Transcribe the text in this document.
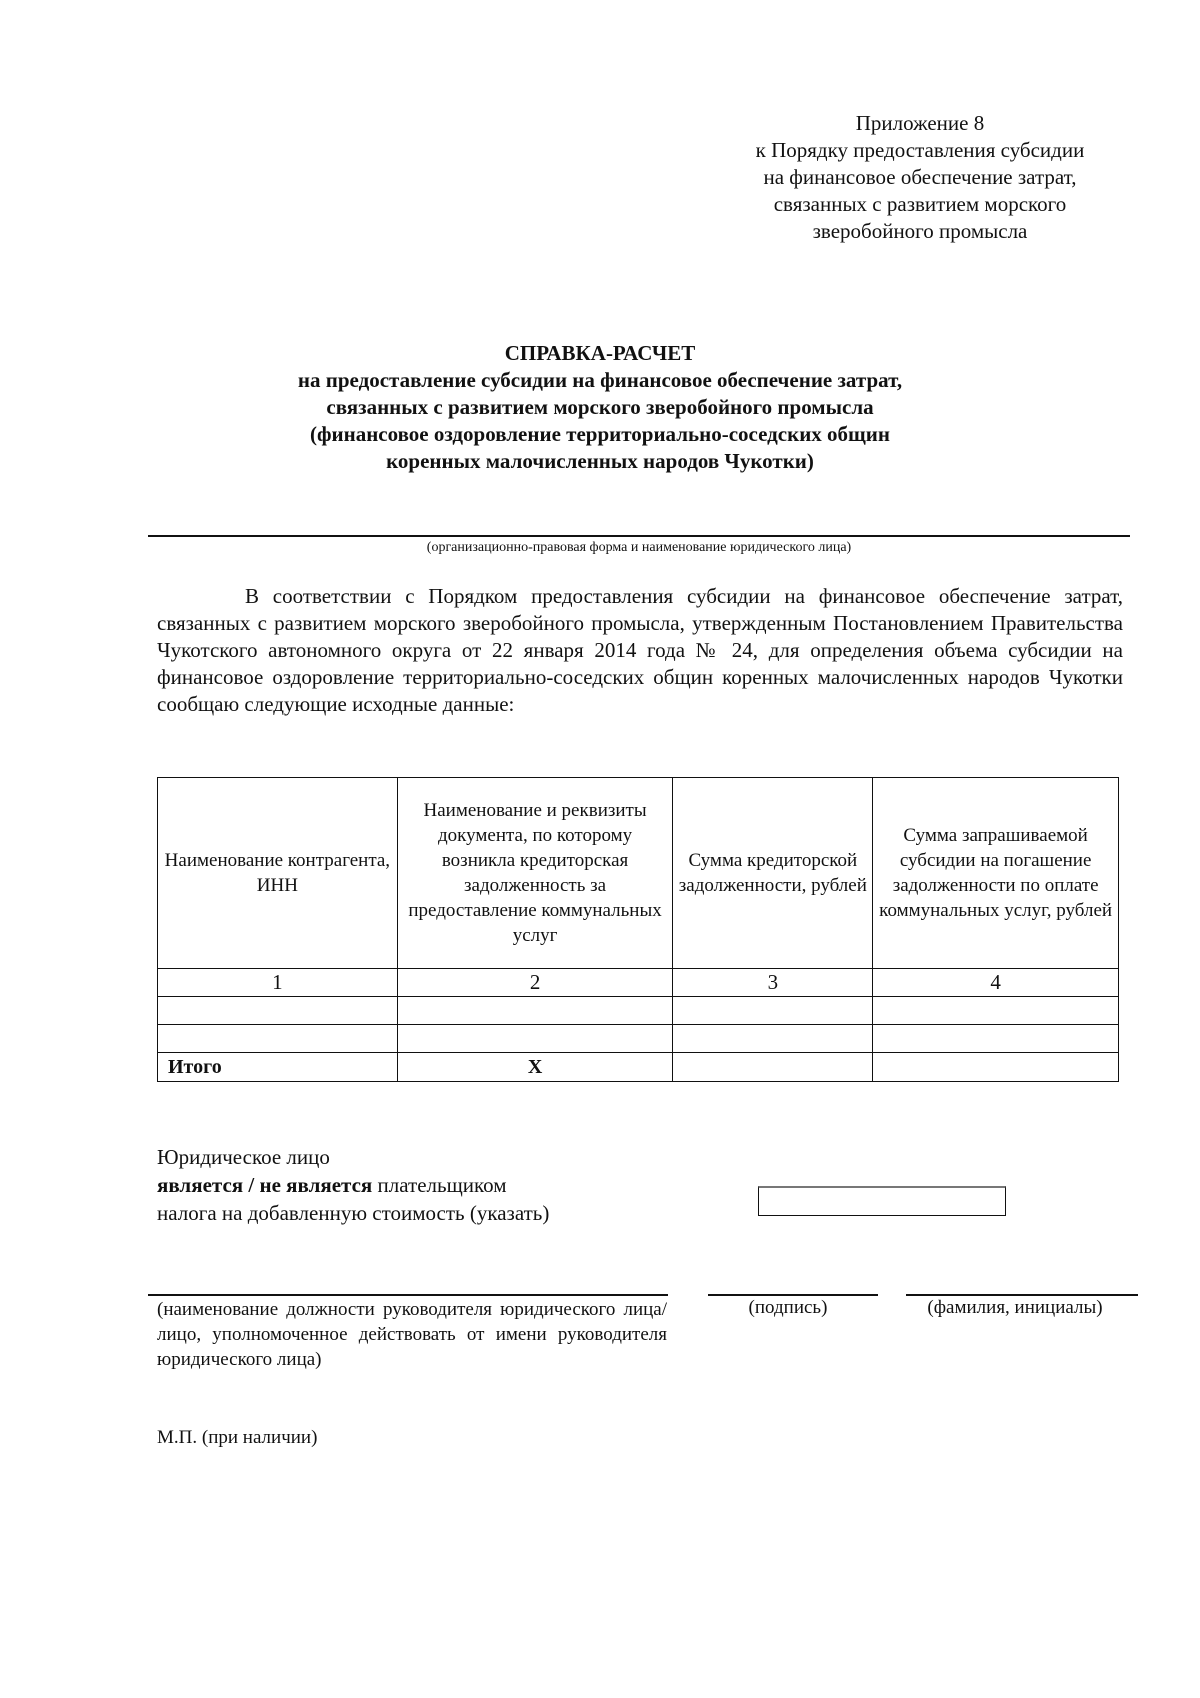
Приложение 8
к Порядку предоставления субсидии
на финансовое обеспечение затрат,
связанных с развитием морского
зверобойного промысла
СПРАВКА-РАСЧЕТ
на предоставление субсидии на финансовое обеспечение затрат,
связанных с развитием морского зверобойного промысла
(финансовое оздоровление территориально-соседских общин
коренных малочисленных народов Чукотки)
(организационно-правовая форма и наименование юридического лица)
В соответствии с Порядком предоставления субсидии на финансовое обеспечение затрат, связанных с развитием морского зверобойного промысла, утвержденным Постановлением Правительства Чукотского автономного округа от 22 января 2014 года № 24, для определения объема субсидии на финансовое оздоровление территориально-соседских общин коренных малочисленных народов Чукотки сообщаю следующие исходные данные:
Наименование контрагента, ИНН	Наименование и реквизиты документа, по которому возникла кредиторская задолженность за предоставление коммунальных услуг	Сумма кредиторской задолженности, рублей	Сумма запрашиваемой субсидии на погашение задолженности по оплате коммунальных услуг, рублей
1	2	3	4

Итого	X		
Юридическое лицо
является / не является плательщиком
налога на добавленную стоимость (указать)
(наименование должности руководителя юридического лица/ лицо, уполномоченное действовать от имени руководителя юридического лица)
(подпись)	(фамилия, инициалы)
М.П. (при наличии)
